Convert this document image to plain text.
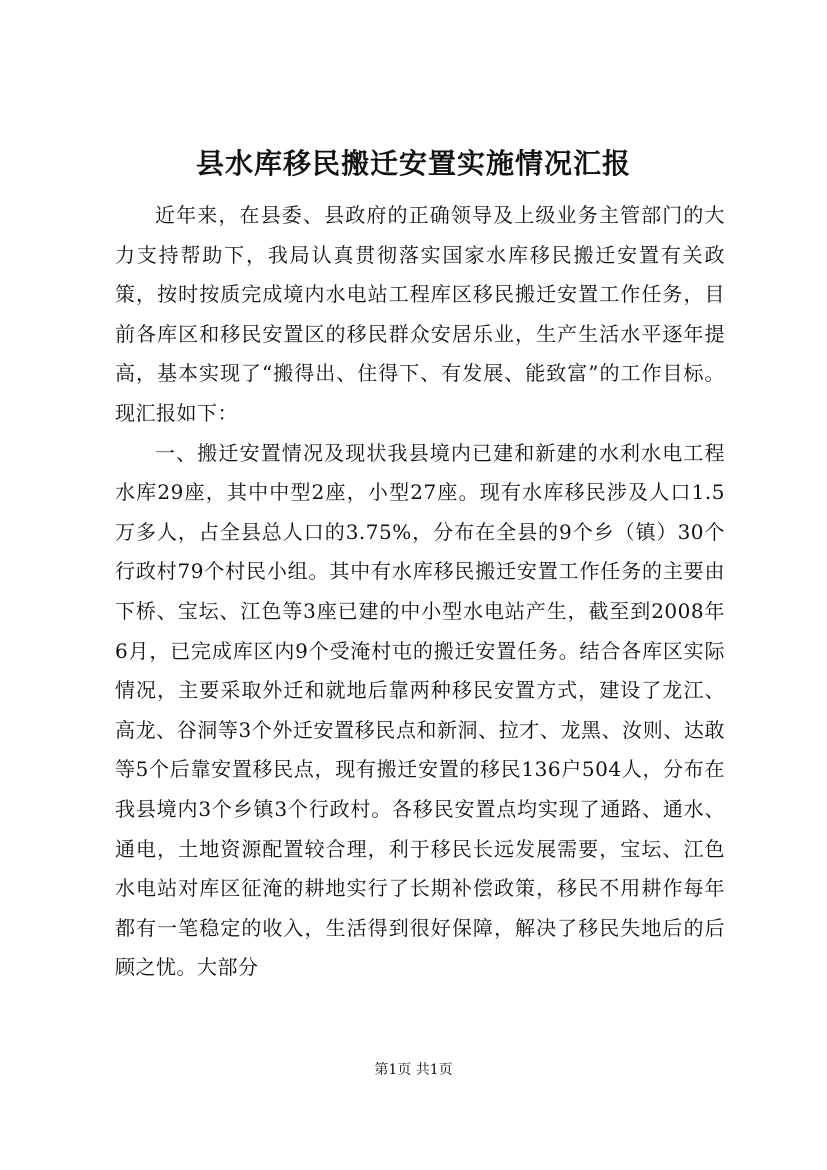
县水库移民搬迁安置实施情况汇报

近年来，在县委、县政府的正确领导及上级业务主管部门的大力支持帮助下，我局认真贯彻落实国家水库移民搬迁安置有关政策，按时按质完成境内水电站工程库区移民搬迁安置工作任务，目前各库区和移民安置区的移民群众安居乐业，生产生活水平逐年提高，基本实现了“搬得出、住得下、有发展、能致富”的工作目标。现汇报如下：

一、搬迁安置情况及现状我县境内已建和新建的水利水电工程水库29座，其中中型2座，小型27座。现有水库移民涉及人口1.5万多人，占全县总人口的3.75%，分布在全县的9个乡（镇）30个行政村79个村民小组。其中有水库移民搬迁安置工作任务的主要由下桥、宝坛、江色等3座已建的中小型水电站产生，截至到2008年6月，已完成库区内9个受淹村屯的搬迁安置任务。结合各库区实际情况，主要采取外迁和就地后靠两种移民安置方式，建设了龙江、高龙、谷洞等3个外迁安置移民点和新洞、拉才、龙黑、汝则、达敢等5个后靠安置移民点，现有搬迁安置的移民136户504人，分布在我县境内3个乡镇3个行政村。各移民安置点均实现了通路、通水、通电，土地资源配置较合理，利于移民长远发展需要，宝坛、江色水电站对库区征淹的耕地实行了长期补偿政策，移民不用耕作每年都有一笔稳定的收入，生活得到很好保障，解决了移民失地后的后顾之忧。大部分

第1页 共1页
